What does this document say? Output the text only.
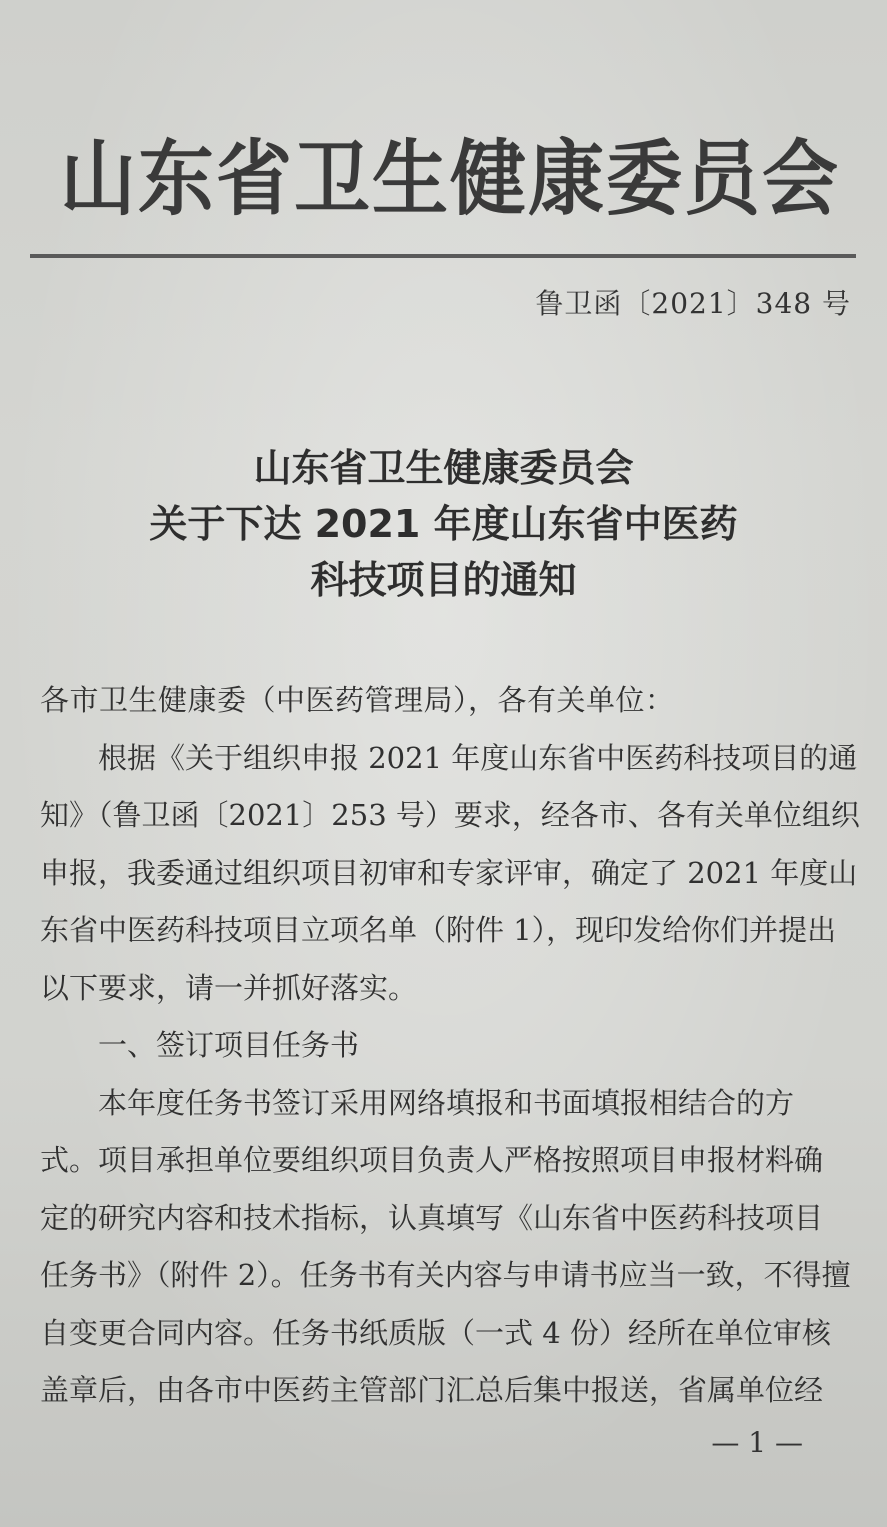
山东省卫生健康委员会
鲁卫函〔2021〕348 号
山东省卫生健康委员会
关于下达 2021 年度山东省中医药
科技项目的通知

各市卫生健康委（中医药管理局），各有关单位：

根据《关于组织申报 2021 年度山东省中医药科技项目的通

知》（鲁卫函〔2021〕253 号）要求，经各市、各有关单位组织

申报，我委通过组织项目初审和专家评审，确定了 2021 年度山

东省中医药科技项目立项名单（附件 1），现印发给你们并提出

以下要求，请一并抓好落实。

一、签订项目任务书

本年度任务书签订采用网络填报和书面填报相结合的方

式。项目承担单位要组织项目负责人严格按照项目申报材料确

定的研究内容和技术指标，认真填写《山东省中医药科技项目

任务书》（附件 2）。任务书有关内容与申请书应当一致，不得擅

自变更合同内容。任务书纸质版（一式 4 份）经所在单位审核

盖章后，由各市中医药主管部门汇总后集中报送，省属单位经

— 1 —
